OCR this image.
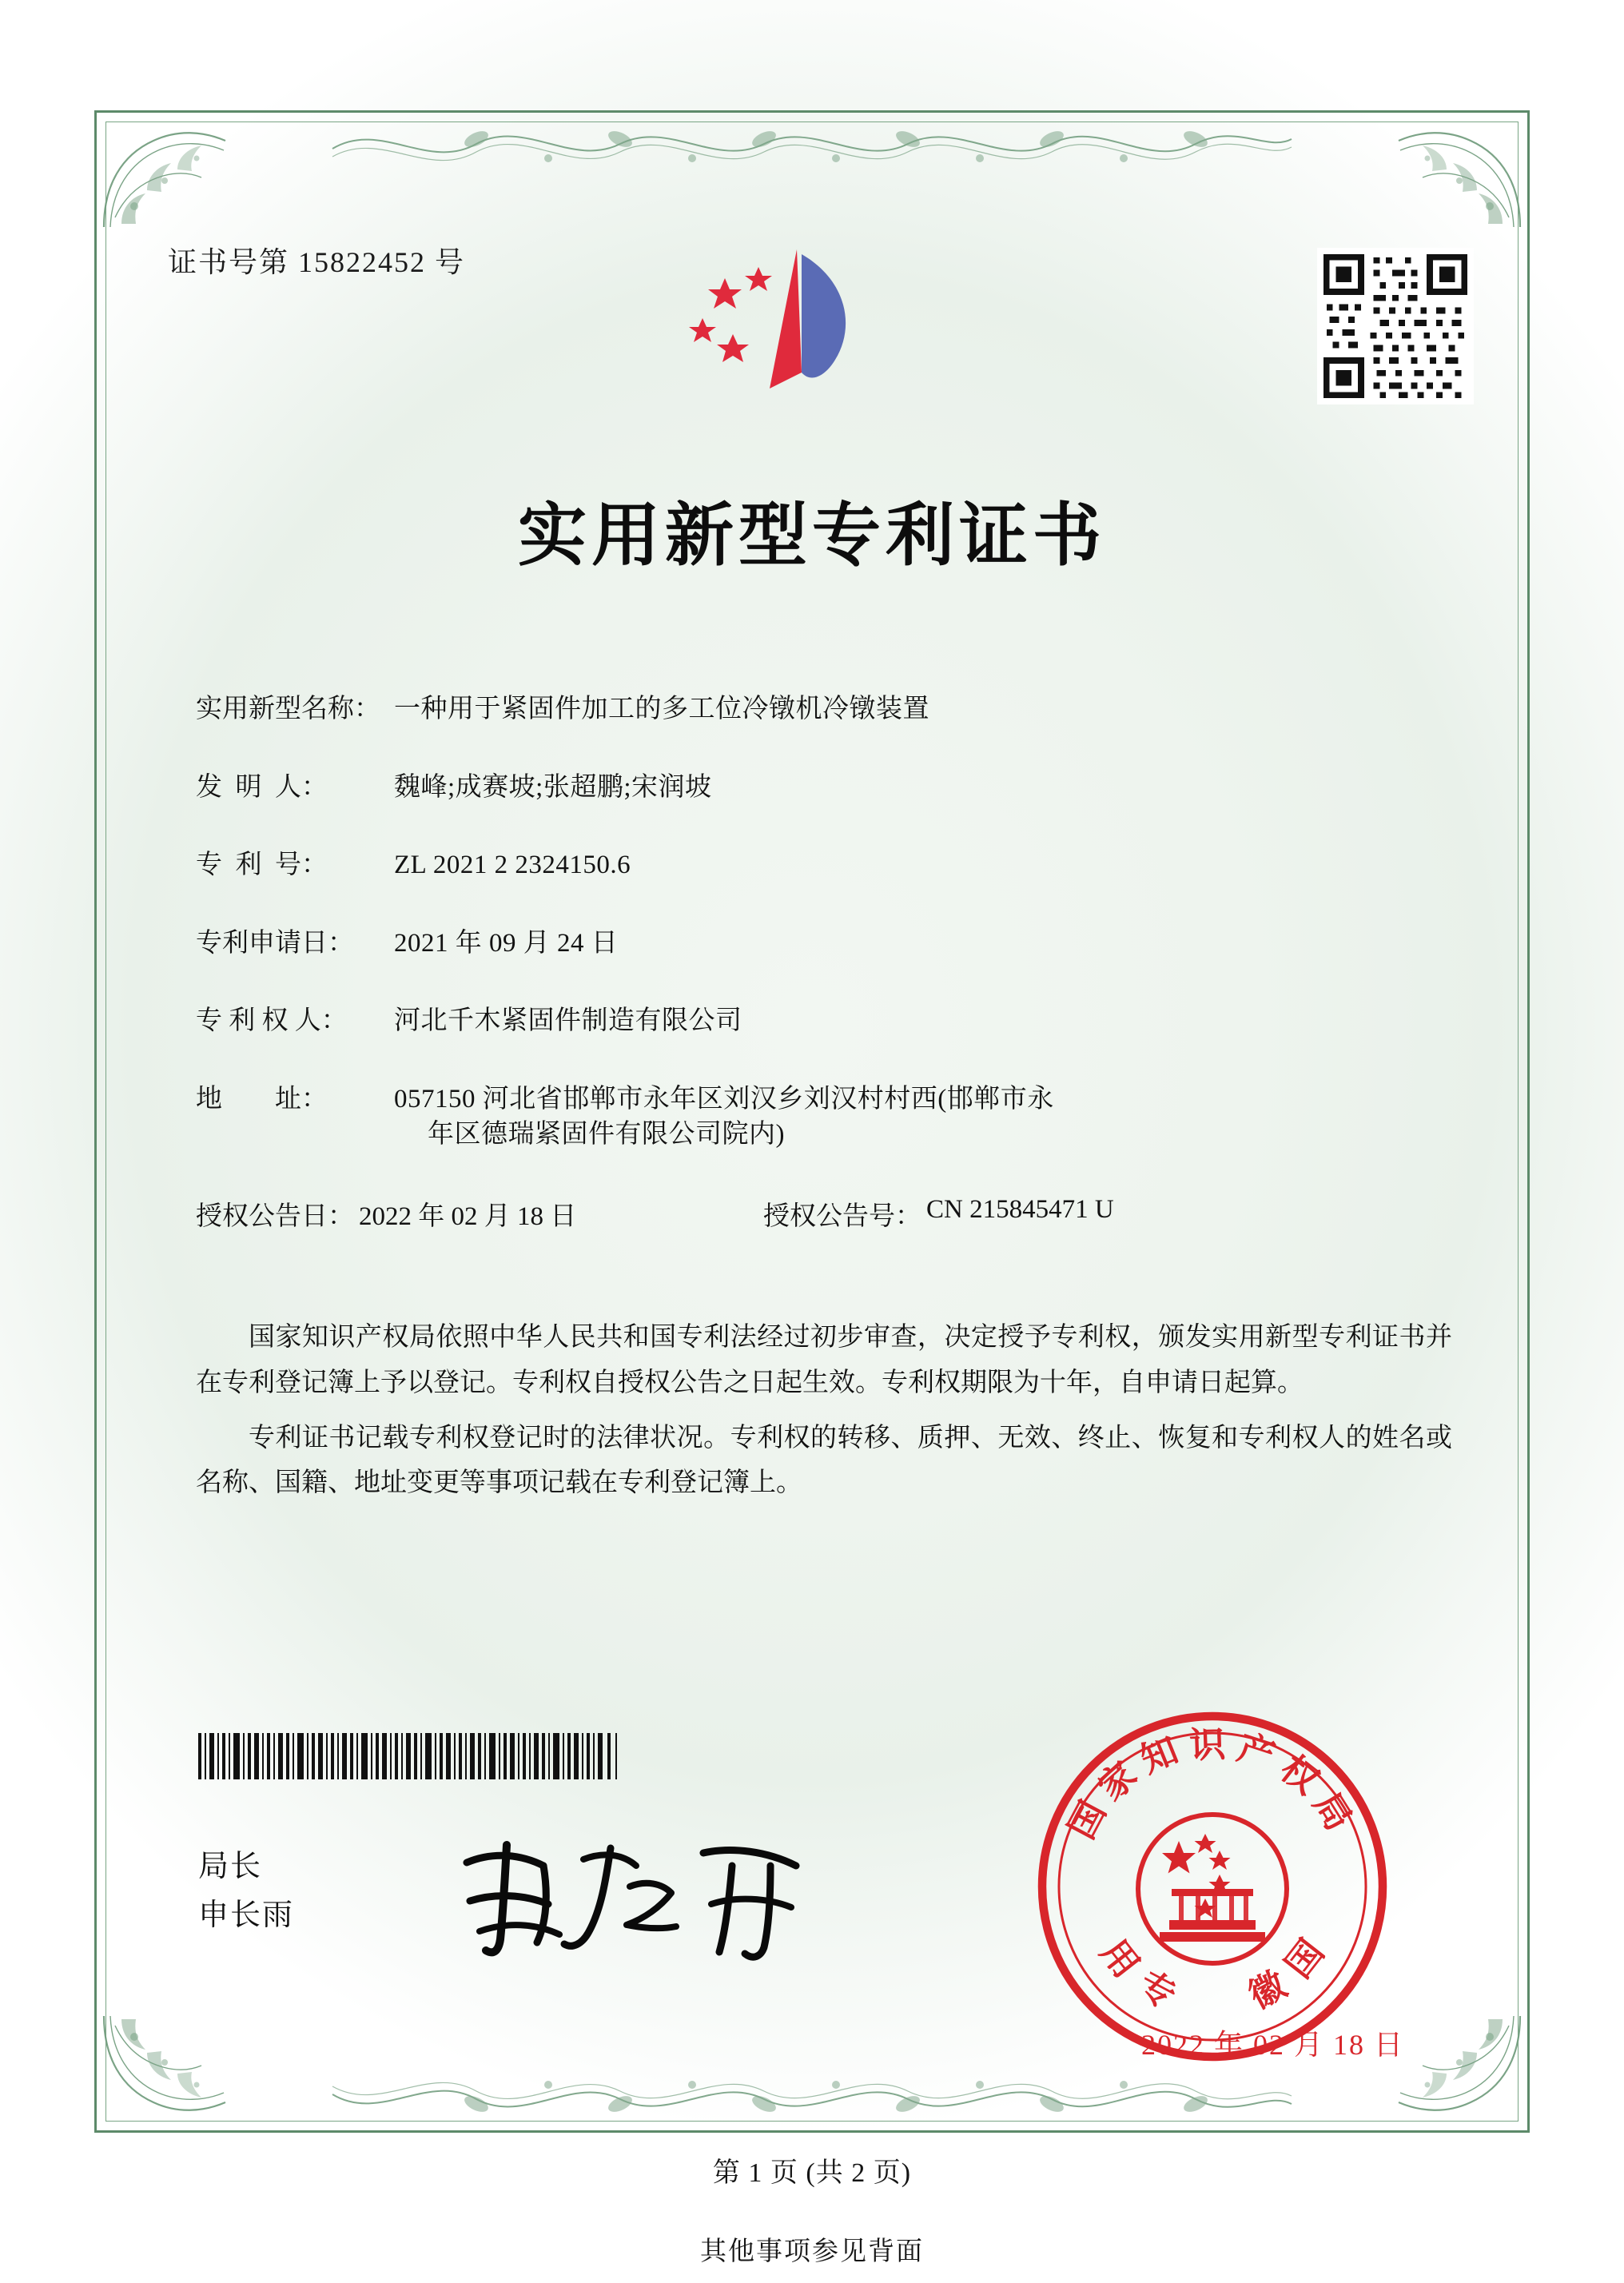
证书号第 15822452 号
实用新型专利证书
实用新型名称： 一种用于紧固件加工的多工位冷镦机冷镦装置
发  明  人：	魏峰;成赛坡;张超鹏;宋润坡
专  利  号：	ZL 2021 2 2324150.6
专利申请日：	2021 年 09 月 24 日
专 利 权 人：	河北千木紧固件制造有限公司
地        址：	057150 河北省邯郸市永年区刘汉乡刘汉村村西(邯郸市永
年区德瑞紧固件有限公司院内)
授权公告日： 2022 年 02 月 18 日	授权公告号： CN 215845471 U

国家知识产权局依照中华人民共和国专利法经过初步审查，决定授予专利权，颁发实用新型专利证书并在专利登记簿上予以登记。专利权自授权公告之日起生效。专利权期限为十年，自申请日起算。

专利证书记载专利权登记时的法律状况。专利权的转移、质押、无效、终止、恢复和专利权人的姓名或名称、国籍、地址变更等事项记载在专利登记簿上。

局长
申长雨
国
家
知 识 产
权
局
国
徽
专
用
2022 年 02 月 18 日
第 1 页 (共 2 页)
其他事项参见背面
